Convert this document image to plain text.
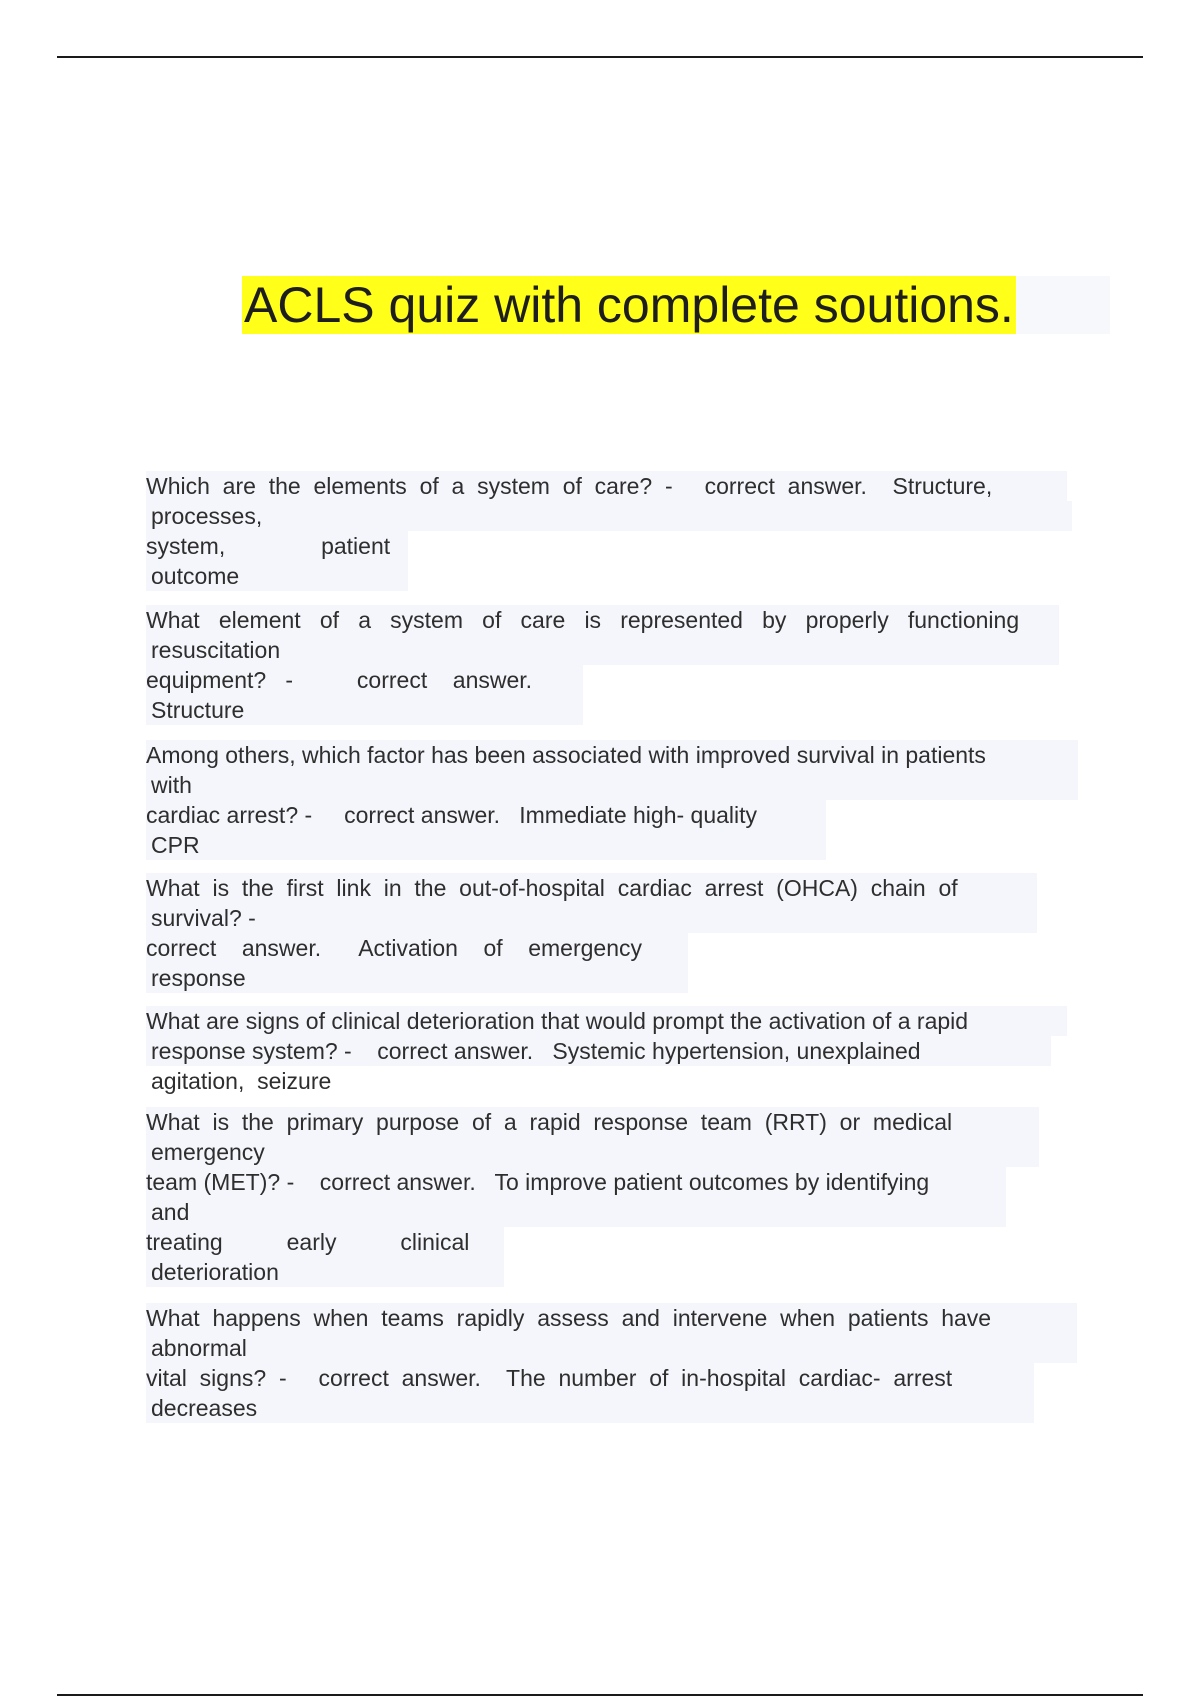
ACLS quiz with complete soutions.
Which  are  the  elements  of  a  system  of  care?  -     correct  answer.    Structure,
processes,
system,               patient
outcome
What   element   of   a   system   of   care   is   represented   by   properly   functioning
resuscitation
equipment?   -          correct    answer.
Structure
Among others, which factor has been associated with improved survival in patients
with
cardiac arrest? -     correct answer.   Immediate high- quality
CPR
What  is  the  first  link  in  the  out-of-hospital  cardiac  arrest  (OHCA)  chain  of
survival? -
correct    answer.      Activation    of    emergency
response
What are signs of clinical deterioration that would prompt the activation of a rapid
response system? -    correct answer.   Systemic hypertension, unexplained
agitation,  seizure
What  is  the  primary  purpose  of  a  rapid  response  team  (RRT)  or  medical
emergency
team (MET)? -    correct answer.   To improve patient outcomes by identifying
and
treating          early          clinical
deterioration
What  happens  when  teams  rapidly  assess  and  intervene  when  patients  have
abnormal
vital  signs?  -     correct  answer.    The  number  of  in-hospital  cardiac-  arrest
decreases
